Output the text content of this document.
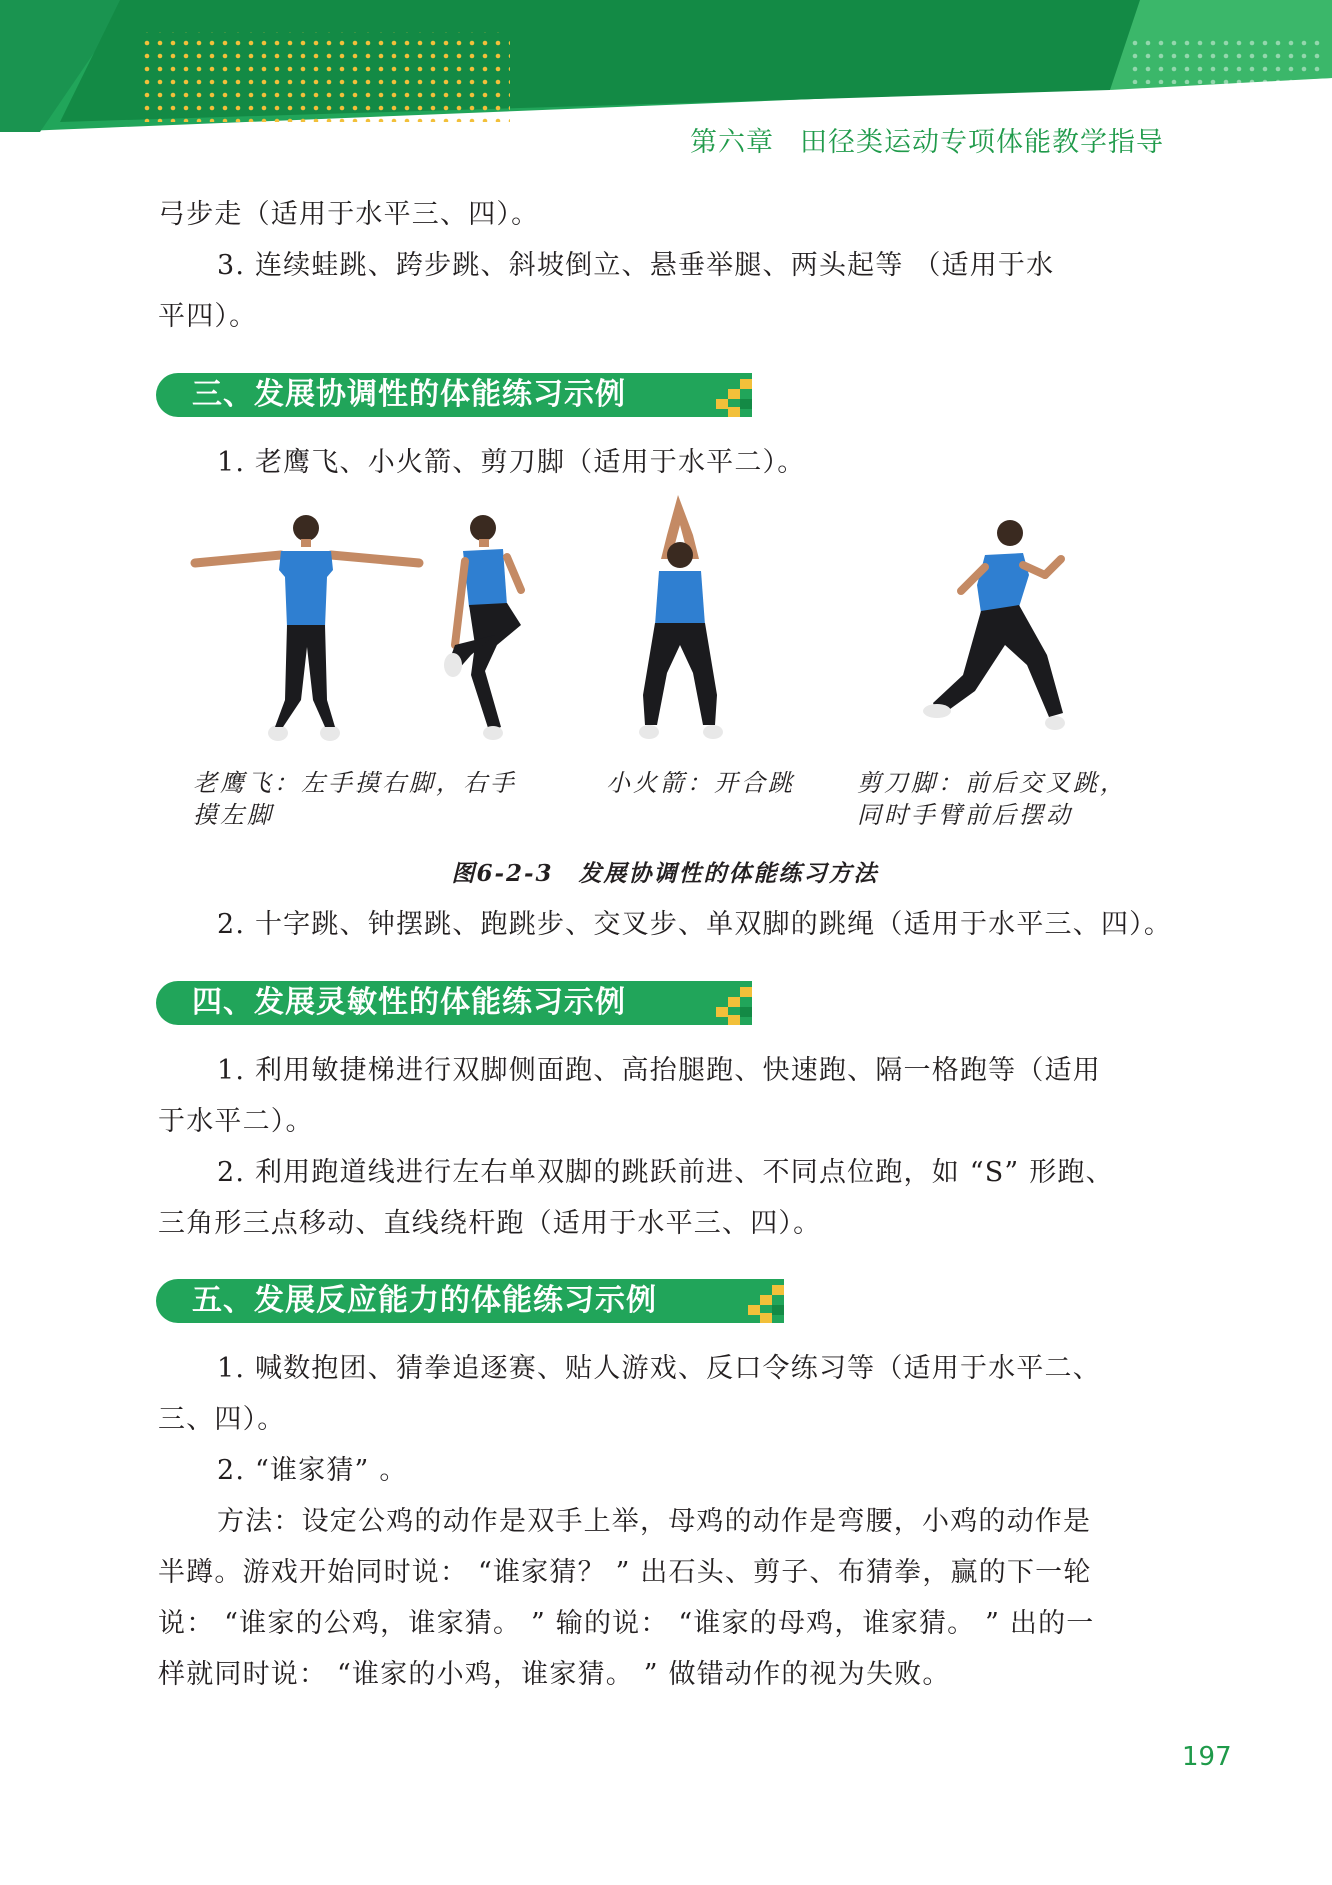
第六章 田径类运动专项体能教学指导
弓步走（适用于水平三、四）。
3. 连续蛙跳、跨步跳、斜坡倒立、悬垂举腿、两头起等 （适用于水
平四）。
三、发展协调性的体能练习示例
1. 老鹰飞、小火箭、剪刀脚（适用于水平二）。
老鹰飞：左手摸右脚，右手
摸左脚
小火箭：开合跳	剪刀脚：前后交叉跳，
同时手臂前后摆动
图6-2-3　发展协调性的体能练习方法
2. 十字跳、钟摆跳、跑跳步、交叉步、单双脚的跳绳（适用于水平三、四）。
四、发展灵敏性的体能练习示例
1. 利用敏捷梯进行双脚侧面跑、高抬腿跑、快速跑、隔一格跑等（适用
于水平二）。
2. 利用跑道线进行左右单双脚的跳跃前进、不同点位跑，如 “S” 形跑、
三角形三点移动、直线绕杆跑（适用于水平三、四）。
五、发展反应能力的体能练习示例
1. 喊数抱团、猜拳追逐赛、贴人游戏、反口令练习等（适用于水平二、
三、四）。
2. “谁家猜” 。
方法：设定公鸡的动作是双手上举，母鸡的动作是弯腰，小鸡的动作是
半蹲。游戏开始同时说： “谁家猜？ ” 出石头、剪子、布猜拳，赢的下一轮
说： “谁家的公鸡，谁家猜。 ” 输的说： “谁家的母鸡，谁家猜。 ” 出的一
样就同时说： “谁家的小鸡，谁家猜。 ” 做错动作的视为失败。
197
